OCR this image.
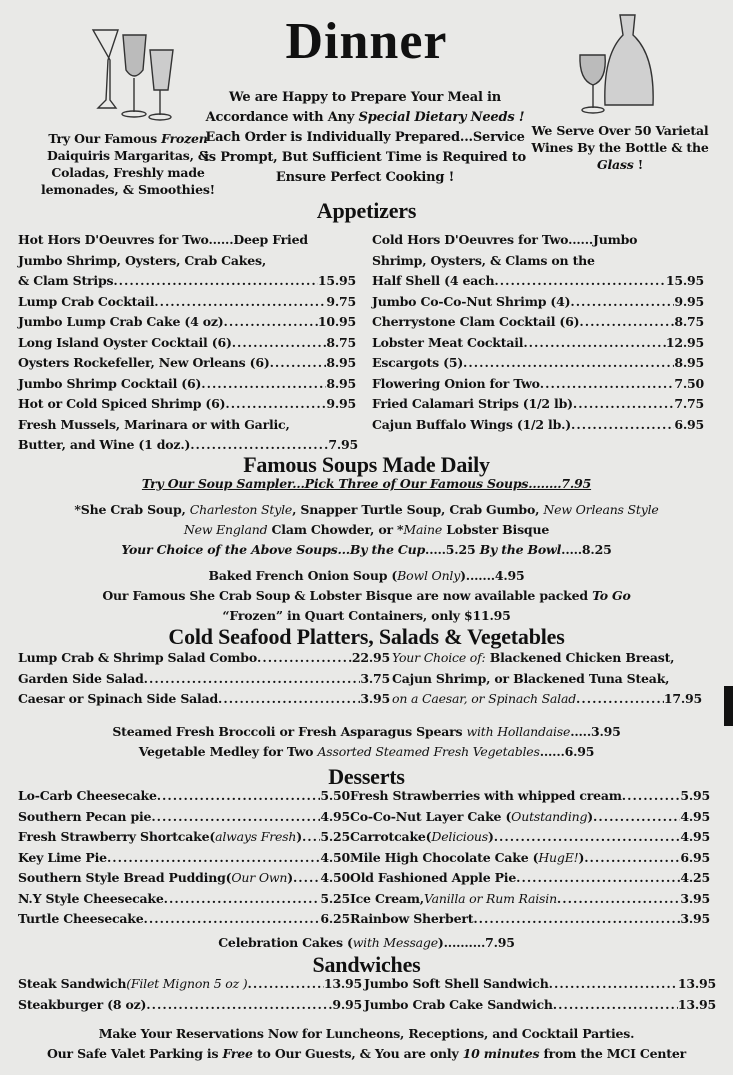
Dinner
We are Happy to Prepare Your Meal in
Accordance with Any Special Dietary Needs !
Each Order is Individually Prepared...Service
is Prompt, But Sufficient Time is Required to
Ensure Perfect Cooking !
Try Our Famous Frozen
Daiquiris Margaritas, &
Coladas, Freshly made
lemonades, & Smoothies!
We Serve Over 50 Varietal
Wines By the Bottle & the
Glass !
Appetizers
Hot Hors D'Oeuvres for Two......Deep Fried
Jumbo Shrimp, Oysters, Crab Cakes,
& Clam Strips .....	15.95
Lump Crab Cocktail .....	9.75
Jumbo Lump Crab Cake (4 oz) .....	10.95
Long Island Oyster Cocktail (6) .....	8.75
Oysters Rockefeller, New Orleans (6) .....	8.95
Jumbo Shrimp Cocktail (6) .....	8.95
Hot or Cold Spiced Shrimp (6) .....	9.95
Fresh Mussels, Marinara or with Garlic,
Butter, and Wine (1 doz.) .....	7.95
Cold Hors D'Oeuvres for Two......Jumbo
Shrimp, Oysters, & Clams on the
Half Shell (4 each .....	15.95
Jumbo Co-Co-Nut Shrimp (4) .....	9.95
Cherrystone Clam Cocktail (6) .....	8.75
Lobster Meat Cocktail .....	12.95
Escargots (5) .....	8.95
Flowering Onion for Two .....	7.50
Fried Calamari Strips (1/2 lb) .....	7.75
Cajun Buffalo Wings (1/2 lb.) .....	6.95
Famous Soups Made Daily
Try Our Soup Sampler...Pick Three of Our Famous Soups........7.95
*She Crab Soup, Charleston Style, Snapper Turtle Soup, Crab Gumbo, New Orleans Style
New England Clam Chowder, or *Maine Lobster Bisque
Your Choice of the Above Soups...By the Cup.....5.25 By the Bowl.....8.25
Baked French Onion Soup (Bowl Only).......4.95
Our Famous She Crab Soup & Lobster Bisque are now available packed To Go
“Frozen” in Quart Containers, only $11.95
Cold Seafood Platters, Salads & Vegetables
Lump Crab & Shrimp Salad Combo .....	22.95
Garden Side Salad .....	3.75
Caesar or Spinach Side Salad .....	3.95
Your Choice of: Blackened Chicken Breast,
Cajun Shrimp, or Blackened Tuna Steak,
on a Caesar, or Spinach Salad .....	17.95
Steamed Fresh Broccoli or Fresh Asparagus Spears with Hollandaise.....3.95
Vegetable Medley for Two Assorted Steamed Fresh Vegetables......6.95
Desserts
Lo-Carb Cheesecake .....	5.50
Southern Pecan pie .....	4.95
Fresh Strawberry Shortcake( always Fresh ) ..... 5.25
Key Lime Pie .....	4.50
Southern Style Bread Pudding( Our Own ) ..... 4.50
N.Y Style Cheesecake .....	5.25
Turtle Cheesecake .....	6.25
Fresh Strawberries with whipped cream .....	5.95
Co-Co-Nut Layer Cake ( Outstanding ) .....	4.95
Carrotcake( Delicious ) .....	4.95
Mile High Chocolate Cake ( HugE! ) .....	6.95
Old Fashioned Apple Pie .....	4.25
Ice Cream, Vanilla or Rum Raisin .....	3.95
Rainbow Sherbert .....	3.95
Celebration Cakes (with Message)..........7.95
Sandwiches
Steak Sandwich (Filet Mignon 5 oz ) .....	13.95
Steakburger (8 oz) .....	9.95
Jumbo Soft Shell Sandwich .....	13.95
Jumbo Crab Cake Sandwich .....	13.95
Make Your Reservations Now for Luncheons, Receptions, and Cocktail Parties.
Our Safe Valet Parking is Free to Our Guests, & You are only 10 minutes from the MCI Center
